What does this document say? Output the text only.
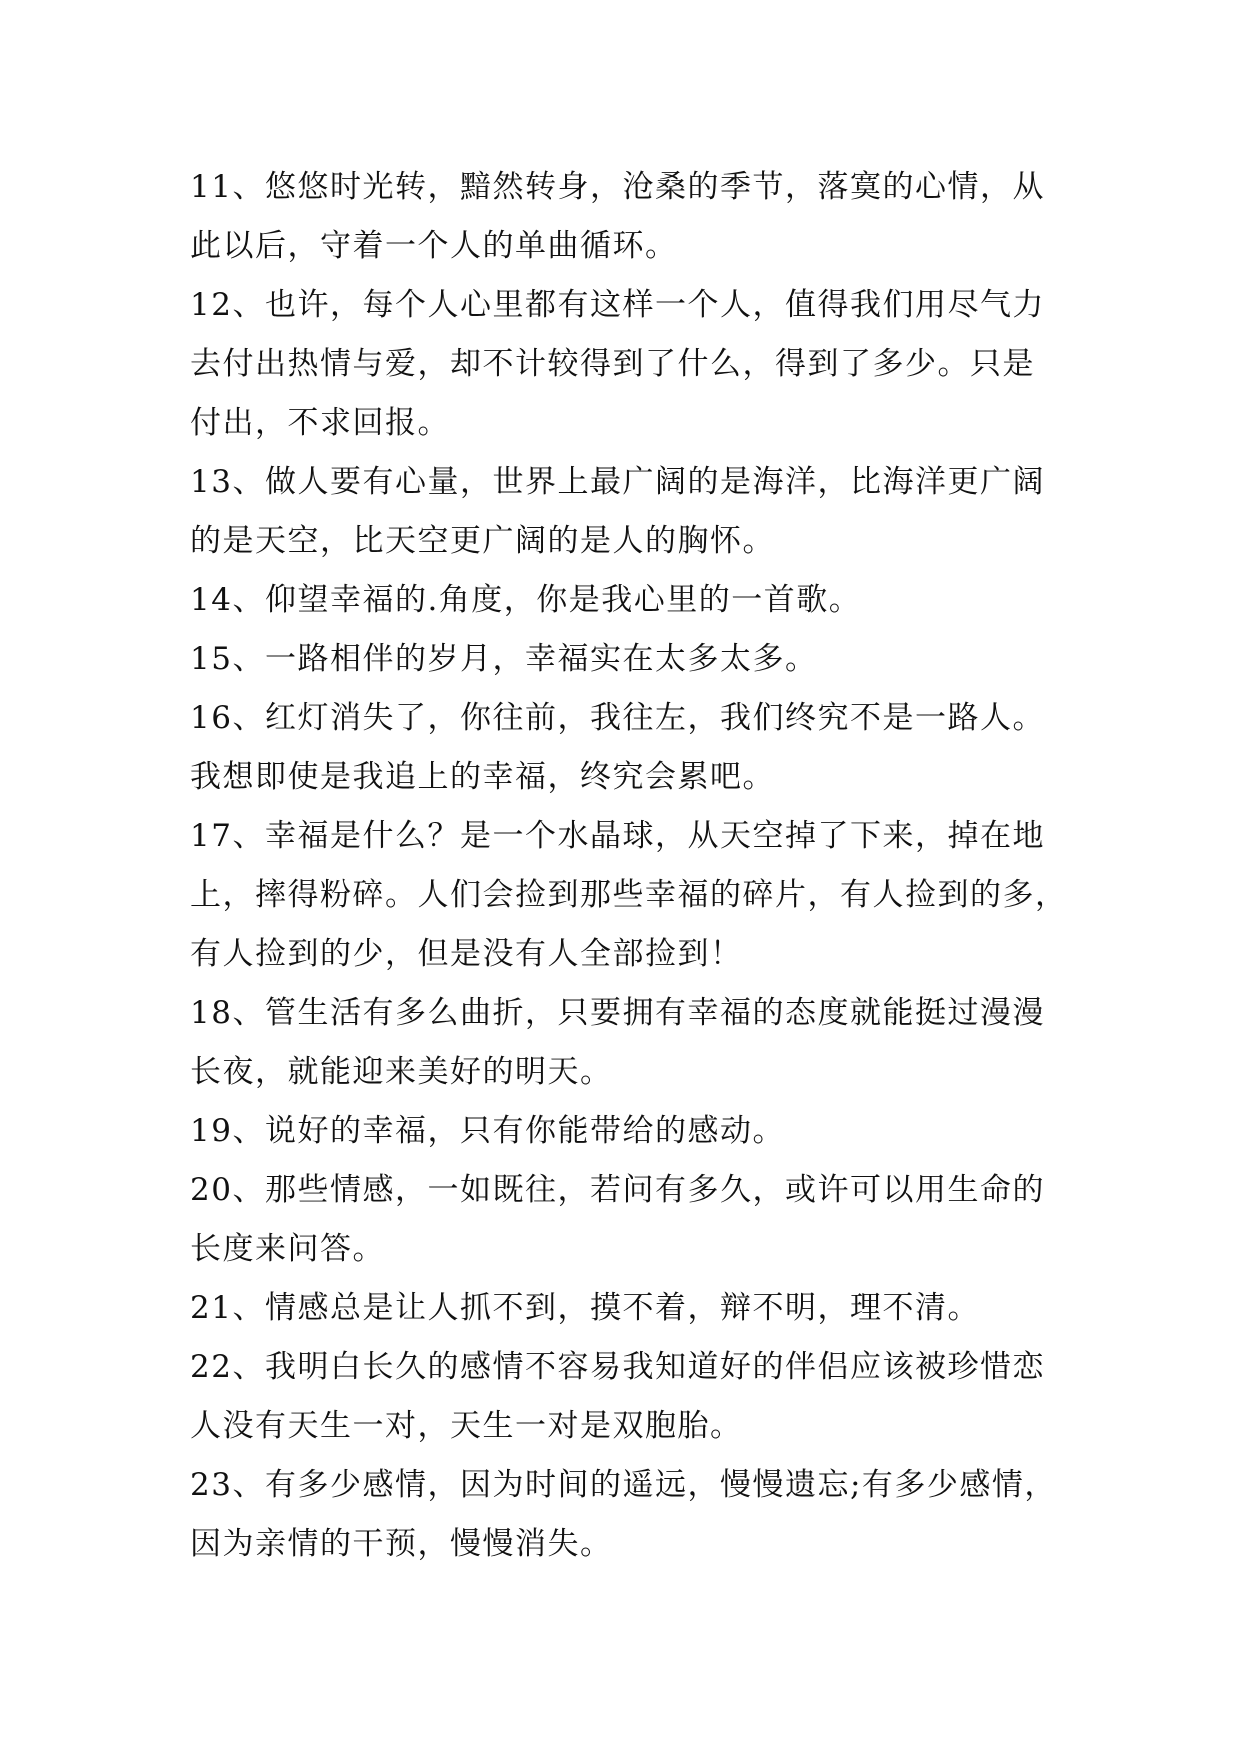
11、悠悠时光转，黯然转身，沧桑的季节，落寞的心情，从
此以后，守着一个人的单曲循环。
12、也许，每个人心里都有这样一个人，值得我们用尽气力
去付出热情与爱，却不计较得到了什么，得到了多少。只是
付出，不求回报。
13、做人要有心量，世界上最广阔的是海洋，比海洋更广阔
的是天空，比天空更广阔的是人的胸怀。
14、仰望幸福的.角度，你是我心里的一首歌。
15、一路相伴的岁月，幸福实在太多太多。
16、红灯消失了，你往前，我往左，我们终究不是一路人。
我想即使是我追上的幸福，终究会累吧。
17、幸福是什么？是一个水晶球，从天空掉了下来，掉在地
上，摔得粉碎。人们会捡到那些幸福的碎片，有人捡到的多，
有人捡到的少，但是没有人全部捡到！
18、管生活有多么曲折，只要拥有幸福的态度就能挺过漫漫
长夜，就能迎来美好的明天。
19、说好的幸福，只有你能带给的感动。
20、那些情感，一如既往，若问有多久，或许可以用生命的
长度来问答。
21、情感总是让人抓不到，摸不着，辩不明，理不清。
22、我明白长久的感情不容易我知道好的伴侣应该被珍惜恋
人没有天生一对，天生一对是双胞胎。
23、有多少感情，因为时间的遥远，慢慢遗忘;有多少感情，
因为亲情的干预，慢慢消失。
